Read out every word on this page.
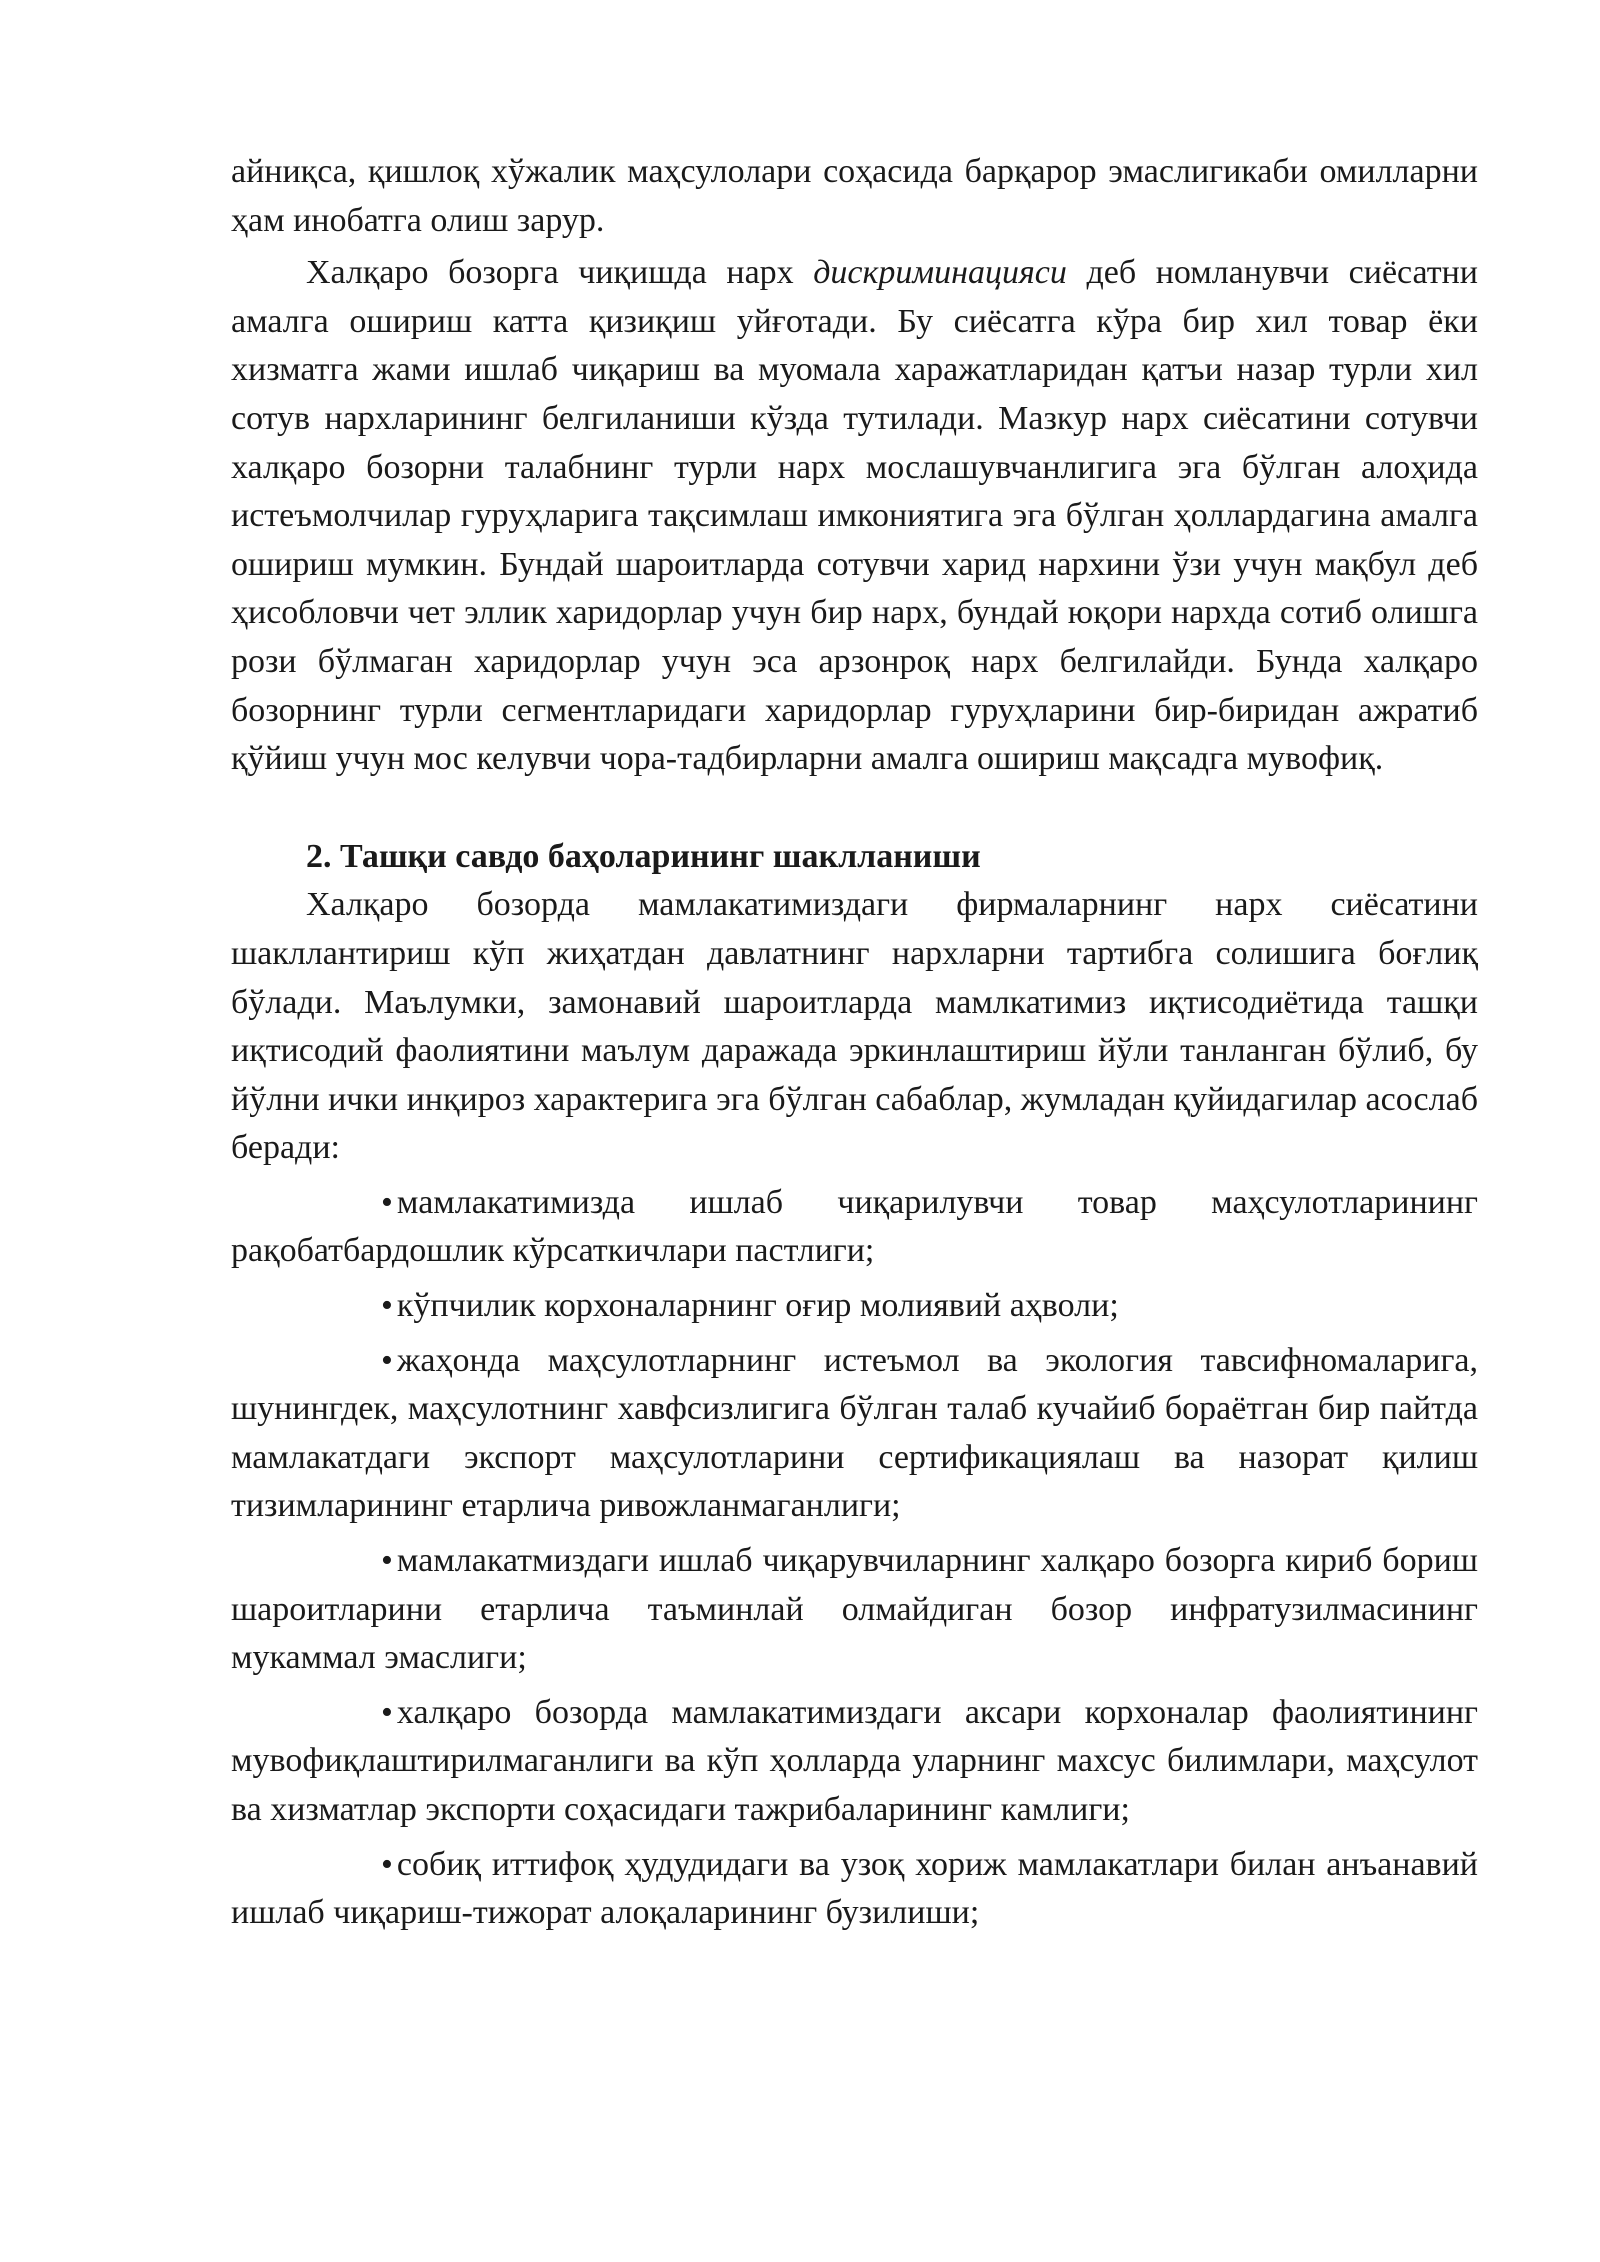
айниқса, қишлоқ хўжалик маҳсулолари соҳасида барқарор эмаслигикаби омилларни ҳам инобатга олиш зарур.

Халқаро бозорга чиқишда нарх дискриминацияси деб номланувчи сиёсатни амалга ошириш катта қизиқиш уйғотади. Бу сиёсатга кўра бир хил товар ёки хизматга жами ишлаб чиқариш ва муомала харажатларидан қатъи назар турли хил сотув нархларининг белгиланиши кўзда тутилади. Мазкур нарх сиёсатини сотувчи халқаро бозорни талабнинг турли нарх мослашувчанлигига эга бўлган алоҳида истеъмолчилар гуруҳларига тақсимлаш имкониятига эга бўлган ҳоллардагина амалга ошириш мумкин. Бундай шароитларда сотувчи харид нархини ўзи учун мақбул деб ҳисобловчи чет эллик харидорлар учун бир нарх, бундай юқори нархда сотиб олишга рози бўлмаган харидорлар учун эса арзонроқ нарх белгилайди. Бунда халқаро бозорнинг турли сегментларидаги харидорлар гуруҳларини бир-биридан ажратиб қўйиш учун мос келувчи чора-тадбирларни амалга ошириш мақсадга мувофиқ.

2. Ташқи савдо баҳоларининг шаклланиши

Халқаро бозорда мамлакатимиздаги фирмаларнинг нарх сиёсатини шакллантириш кўп жиҳатдан давлатнинг нархларни тартибга солишига боғлиқ бўлади. Маълумки, замонавий шароитларда мамлкатимиз иқтисодиётида ташқи иқтисодий фаолиятини маълум даражада эркинлаштириш йўли танланган бўлиб, бу йўлни ички инқироз характерига эга бўлган сабаблар, жумладан қуйидагилар асослаб беради:

• мамлакатимизда ишлаб чиқарилувчи товар маҳсулотларининг рақобатбардошлик кўрсаткичлари пастлиги;

• кўпчилик корхоналарнинг оғир молиявий аҳволи;

• жаҳонда маҳсулотларнинг истеъмол ва экология тавсифномаларига, шунингдек, маҳсулотнинг хавфсизлигига бўлган талаб кучайиб бораётган бир пайтда мамлакатдаги экспорт маҳсулотларини сертификациялаш ва назорат қилиш тизимларининг етарлича ривожланмаганлиги;

• мамлакатмиздаги ишлаб чиқарувчиларнинг халқаро бозорга кириб бориш шароитларини етарлича таъминлай олмайдиган бозор инфратузилмасининг мукаммал эмаслиги;

• халқаро бозорда мамлакатимиздаги аксари корхоналар фаолиятининг мувофиқлаштирилмаганлиги ва кўп ҳолларда уларнинг махсус билимлари, маҳсулот ва хизматлар экспорти соҳасидаги тажрибаларининг камлиги;

• собиқ иттифоқ ҳудудидаги ва узоқ хориж мамлакатлари билан анъанавий ишлаб чиқариш-тижорат алоқаларининг бузилиши;
